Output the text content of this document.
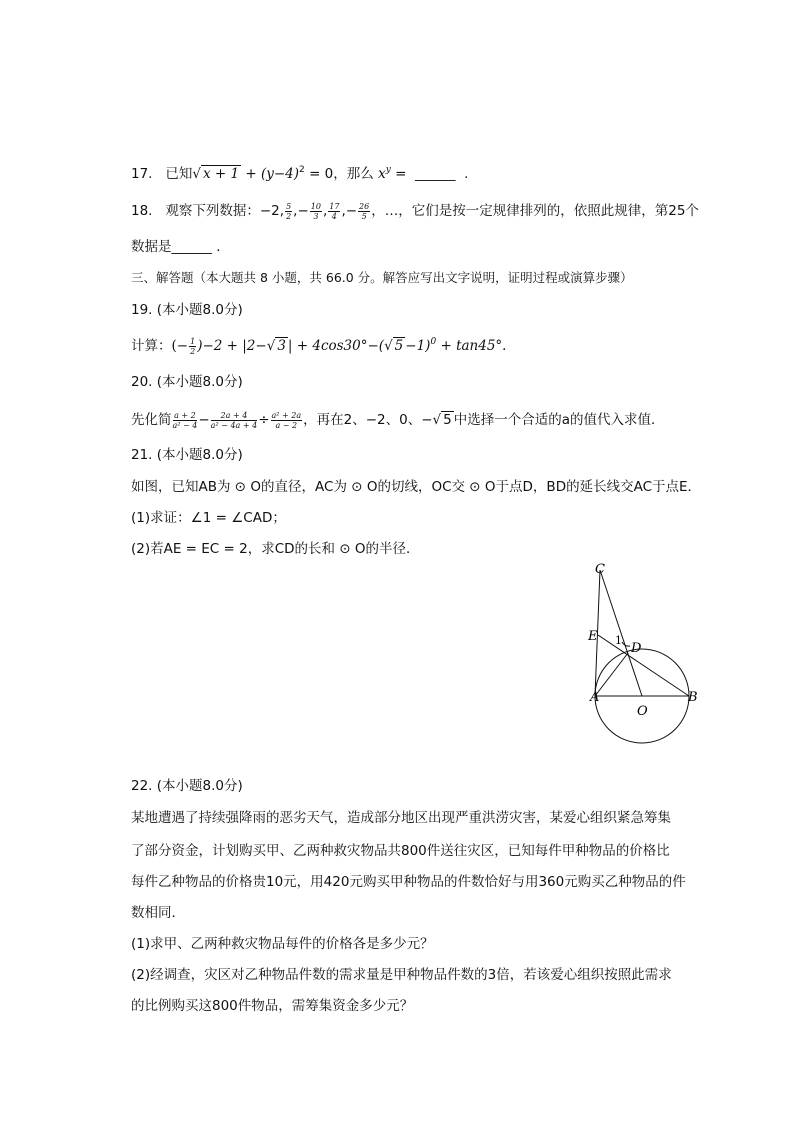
17. 已知√ $x + 1 + (y-4)^2 = 0$，那么 $x^y$ = ______ .
18. 观察下列数据：−2, $\frac{5}{2}$ ,− $\frac{10}{3}$ , $\frac{17}{4}$ ,− $\frac{26}{5}$ ，…，它们是按一定规律排列的，依照此规律，第25个
数据是______ ．
三、解答题（本大题共 8 小题，共 66.0 分。解答应写出文字说明，证明过程或演算步骤）
19. (本小题8.0分)
计算：(− $\frac{1}{2} )-2 + |2-√$ 3 | + 4cos30°−(√ 5 −1)$^0$ + tan45°.
20. (本小题8.0分)
先化简 $\frac{a + 2}{\text{a² − 4}} - \frac{2a + 4}{\text{a² − 4a + 4}} \div \frac{\text{a² + 2a}}{a - 2}$ ，再在2、−2、0、−√ 5 中选择一个合适的a的值代入求值．
21. (本小题8.0分)
如图，已知AB为 ⊙ O的直径，AC为 ⊙ O的切线，OC交 ⊙ O于点D，BD的延长线交AC于点E．
(1)求证：∠1 = ∠CAD；
(2)若AE = EC = 2，求CD的长和 ⊙ O的半径．
C
E 1
D
A
O
B
22. (本小题8.0分)
某地遭遇了持续强降雨的恶劣天气，造成部分地区出现严重洪涝灾害，某爱心组织紧急筹集
了部分资金，计划购买甲、乙两种救灾物品共800件送往灾区，已知每件甲种物品的价格比
每件乙种物品的价格贵10元，用420元购买甲种物品的件数恰好与用360元购买乙种物品的件
数相同．
(1)求甲、乙两种救灾物品每件的价格各是多少元？
(2)经调查，灾区对乙种物品件数的需求量是甲种物品件数的3倍，若该爱心组织按照此需求
的比例购买这800件物品，需筹集资金多少元？
